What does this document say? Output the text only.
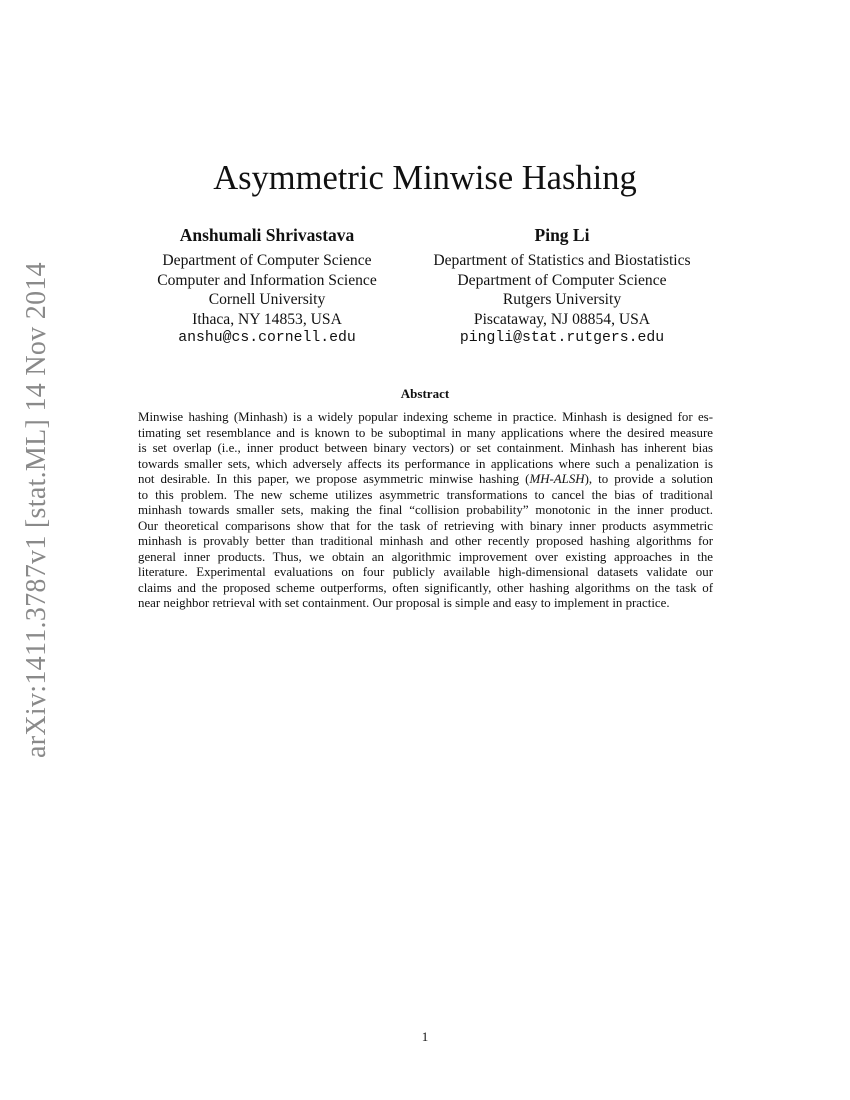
arXiv:1411.3787v1 [stat.ML] 14 Nov 2014
Asymmetric Minwise Hashing
Anshumali Shrivastava
Department of Computer Science
Computer and Information Science
Cornell University
Ithaca, NY 14853, USA
anshu@cs.cornell.edu
Ping Li
Department of Statistics and Biostatistics
Department of Computer Science
Rutgers University
Piscataway, NJ 08854, USA
pingli@stat.rutgers.edu
Abstract
Minwise hashing (Minhash) is a widely popular indexing scheme in practice. Minhash is designed for es-
timating set resemblance and is known to be suboptimal in many applications where the desired measure
is set overlap (i.e., inner product between binary vectors) or set containment. Minhash has inherent bias
towards smaller sets, which adversely affects its performance in applications where such a penalization is
not desirable. In this paper, we propose asymmetric minwise hashing (MH-ALSH), to provide a solution
to this problem. The new scheme utilizes asymmetric transformations to cancel the bias of traditional
minhash towards smaller sets, making the final “collision probability” monotonic in the inner product.
Our theoretical comparisons show that for the task of retrieving with binary inner products asymmetric
minhash is provably better than traditional minhash and other recently proposed hashing algorithms for
general inner products. Thus, we obtain an algorithmic improvement over existing approaches in the
literature. Experimental evaluations on four publicly available high-dimensional datasets validate our
claims and the proposed scheme outperforms, often significantly, other hashing algorithms on the task of
near neighbor retrieval with set containment. Our proposal is simple and easy to implement in practice.
1
